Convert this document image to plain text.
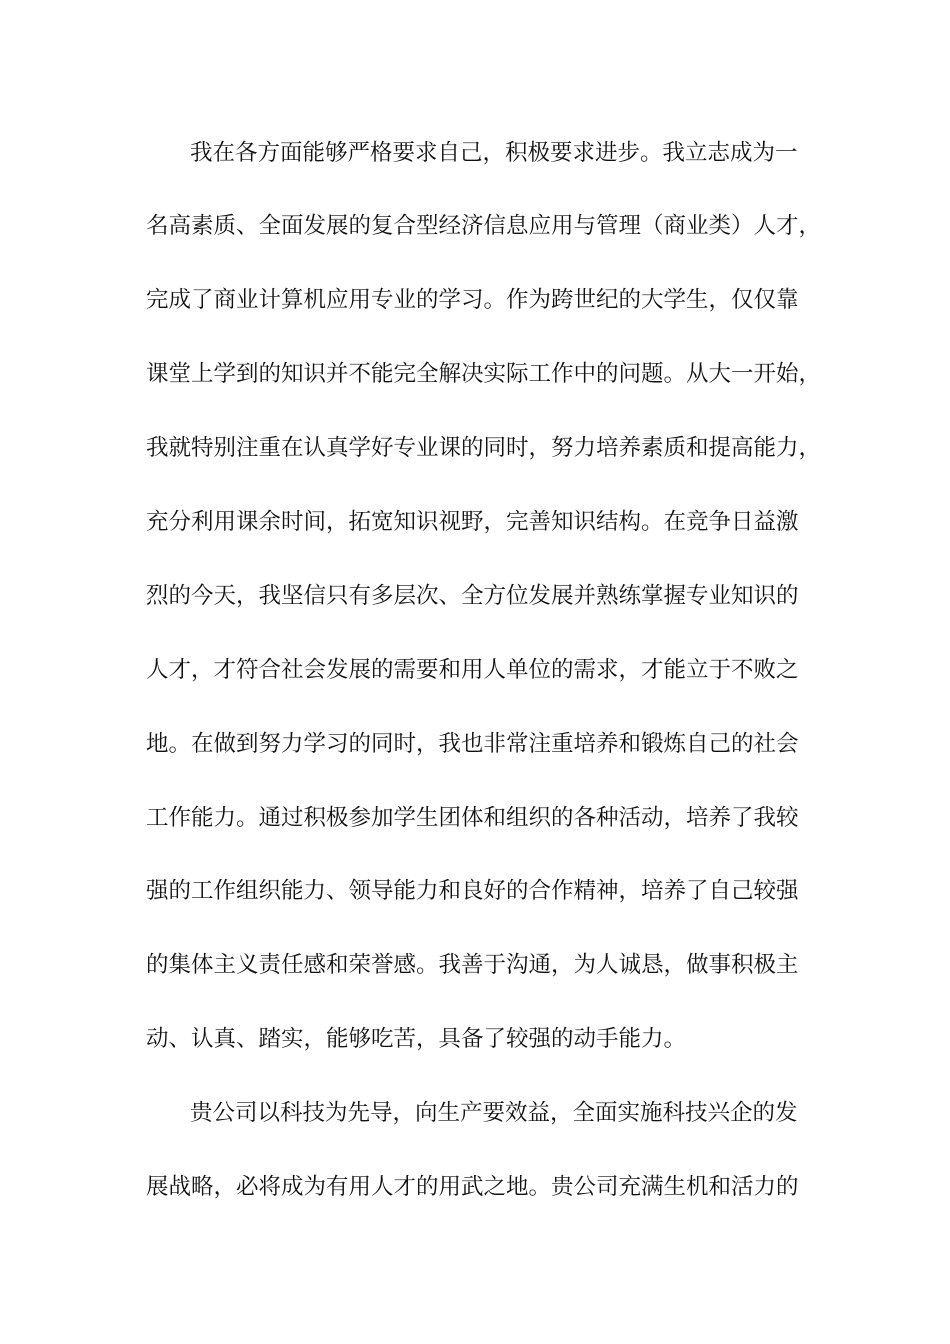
我在各方面能够严格要求自己，积极要求进步。我立志成为一
名高素质、全面发展的复合型经济信息应用与管理（商业类）人才，
完成了商业计算机应用专业的学习。作为跨世纪的大学生，仅仅靠
课堂上学到的知识并不能完全解决实际工作中的问题。从大一开始，
我就特别注重在认真学好专业课的同时，努力培养素质和提高能力，
充分利用课余时间，拓宽知识视野，完善知识结构。在竞争日益激
烈的今天，我坚信只有多层次、全方位发展并熟练掌握专业知识的
人才，才符合社会发展的需要和用人单位的需求，才能立于不败之
地。在做到努力学习的同时，我也非常注重培养和锻炼自己的社会
工作能力。通过积极参加学生团体和组织的各种活动，培养了我较
强的工作组织能力、领导能力和良好的合作精神，培养了自己较强
的集体主义责任感和荣誉感。我善于沟通，为人诚恳，做事积极主
动、认真、踏实，能够吃苦，具备了较强的动手能力。
贵公司以科技为先导，向生产要效益，全面实施科技兴企的发
展战略，必将成为有用人才的用武之地。贵公司充满生机和活力的
